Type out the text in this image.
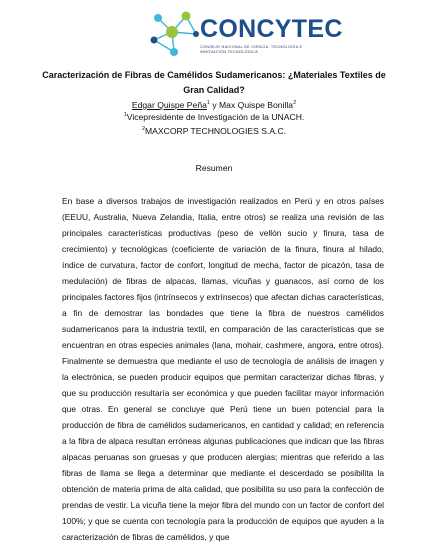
CONCYTEC
CONSEJO NACIONAL DE CIENCIA, TECNOLOGÍA E INNOVACIÓN TECNOLÓGICA
Caracterización de Fibras de Camélidos Sudamericanos: ¿Materiales Textiles de Gran Calidad?
Edgar Quispe Peña$^1$ y Max Quispe Bonilla$^2$
$^1$Vicepresidente de Investigación de la UNACH.
$^2$MAXCORP TECHNOLOGIES S.A.C.
Resumen

En base a diversos trabajos de investigación realizados en Perú y en otros países (EEUU, Australia, Nueva Zelandia, Italia, entre otros) se realiza una revisión de las principales características productivas (peso de vellón sucio y finura, tasa de crecimiento) y tecnológicas (coeficiente de variación de la finura, finura al hilado, índice de curvatura, factor de confort, longitud de mecha, factor de picazón, tasa de medulación) de fibras de alpacas, llamas, vicuñas y guanacos, así como de los principales factores fijos (intrínsecos y extrínsecos) que afectan dichas características, a fin de demostrar las bondades que tiene la fibra de nuestros camélidos sudamericanos para la industria textil, en comparación de las características que se encuentran en otras especies animales (lana, mohair, cashmere, angora, entre otros). Finalmente se demuestra que mediante el uso de tecnología de análisis de imagen y la electrónica, se pueden producir equipos que permitan caracterizar dichas fibras, y que su producción resultaría ser económica y que pueden facilitar mayor información que otras. En general se concluye que Perú tiene un buen potencial para la producción de fibra de camélidos sudamericanos, en cantidad y calidad; en referencia a la fibra de alpaca resultan erróneas algunas publicaciones que indican que las fibras alpacas peruanas son gruesas y que producen alergias; mientras que referido a las fibras de llama se llega a determinar que mediante el descerdado se posibilita la obtención de materia prima de alta calidad, que posibilita su uso para la confección de prendas de vestir. La vicuña tiene la mejor fibra del mundo con un factor de confort del 100%; y que se cuenta con tecnología para la producción de equipos que ayuden a la caracterización de fibras de camélidos, y que
